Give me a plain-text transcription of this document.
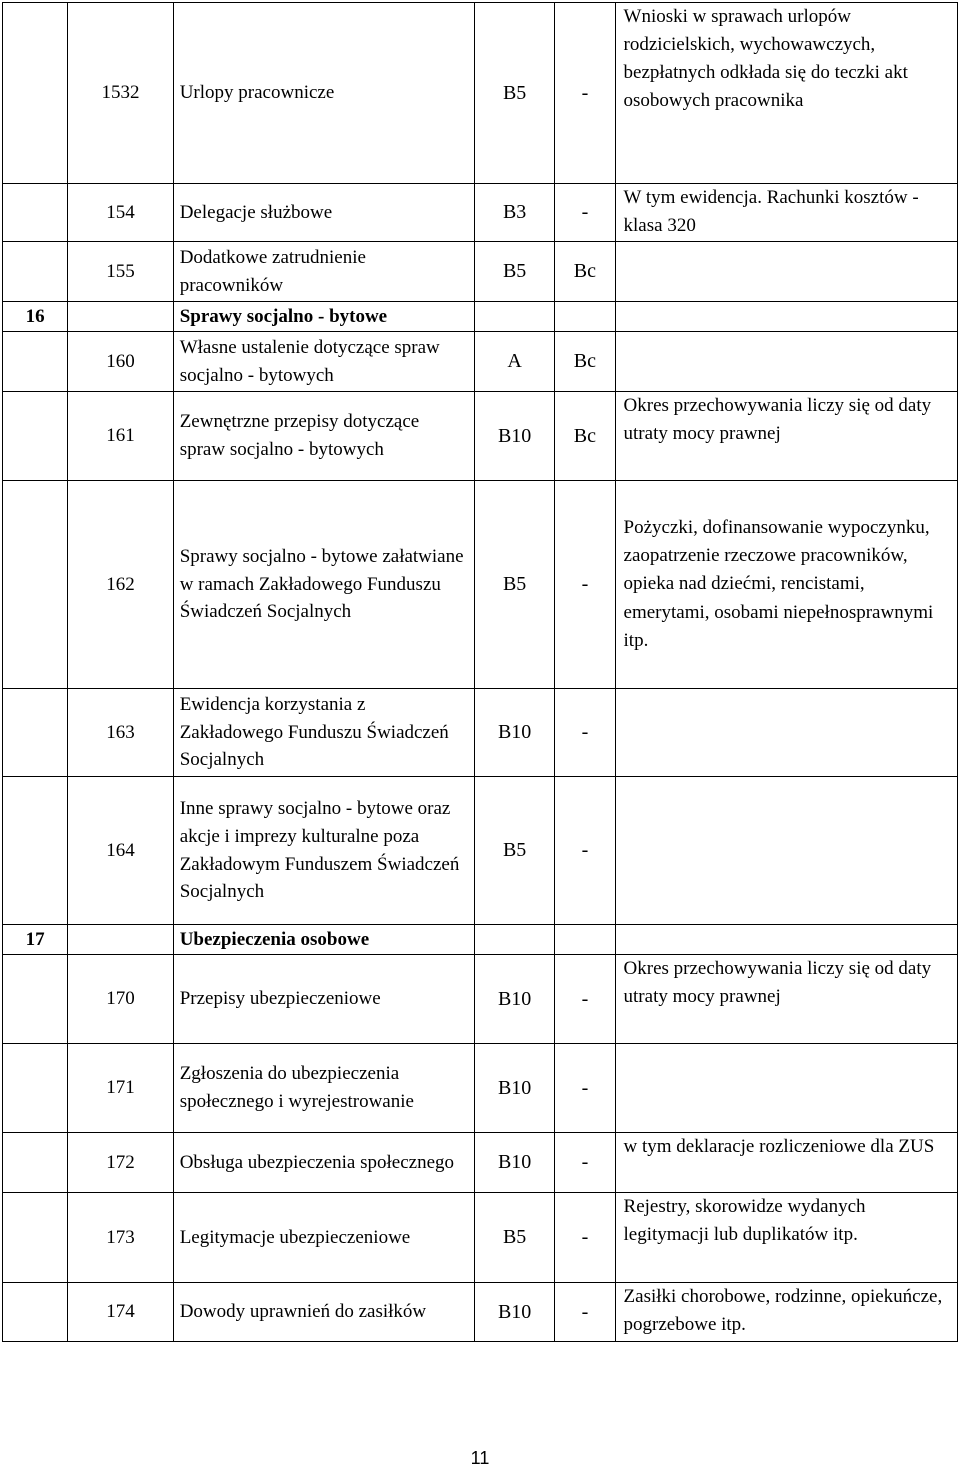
	1532	Urlopy pracownicze	B5	-	Wnioski w sprawach urlopów rodzicielskich, wychowawczych, bezpłatnych odkłada się do teczki akt osobowych pracownika
	154	Delegacje służbowe	B3	-	W tym ewidencja. Rachunki kosztów - klasa 320
	155	Dodatkowe zatrudnienie pracowników	B5	Bc	
16		Sprawy socjalno - bytowe			
	160	Własne ustalenie dotyczące spraw socjalno - bytowych	A	Bc	
	161	Zewnętrzne przepisy dotyczące spraw socjalno - bytowych	B10	Bc	Okres przechowywania liczy się od daty utraty mocy prawnej
	162	Sprawy socjalno - bytowe załatwiane w ramach Zakładowego Funduszu Świadczeń Socjalnych	B5	-	Pożyczki, dofinansowanie wypoczynku, zaopatrzenie rzeczowe pracowników, opieka nad dziećmi, rencistami, emerytami, osobami niepełnosprawnymi itp.
	163	Ewidencja korzystania z Zakładowego Funduszu Świadczeń Socjalnych	B10	-	
	164	Inne sprawy socjalno - bytowe oraz akcje i imprezy kulturalne poza Zakładowym Funduszem Świadczeń Socjalnych	B5	-	
17		Ubezpieczenia osobowe			
	170	Przepisy ubezpieczeniowe	B10	-	Okres przechowywania liczy się od daty utraty mocy prawnej
	171	Zgłoszenia do ubezpieczenia społecznego i wyrejestrowanie	B10	-	
	172	Obsługa ubezpieczenia społecznego	B10	-	w tym deklaracje rozliczeniowe dla ZUS
	173	Legitymacje ubezpieczeniowe	B5	-	Rejestry, skorowidze wydanych legitymacji lub duplikatów itp.
	174	Dowody uprawnień do zasiłków	B10	-	Zasiłki chorobowe, rodzinne, opiekuńcze, pogrzebowe itp.
11
